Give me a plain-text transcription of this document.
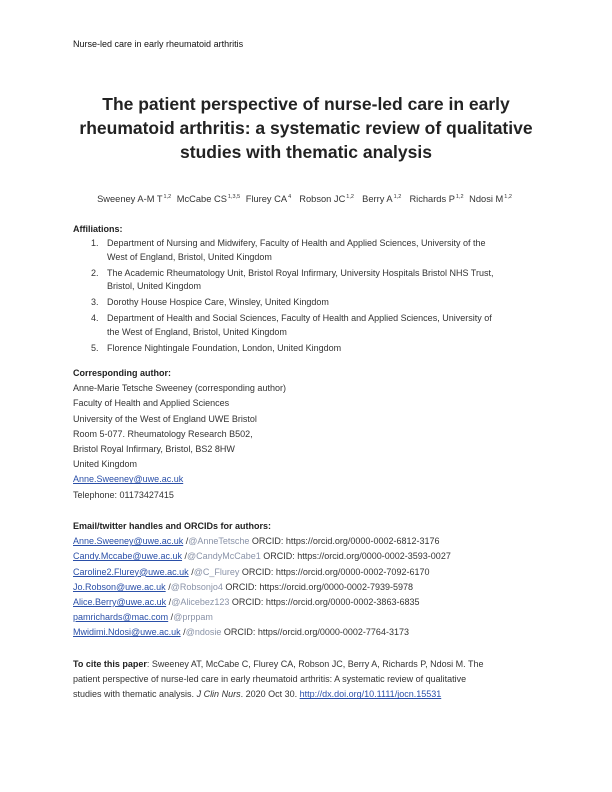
Nurse-led care in early rheumatoid arthritis
The patient perspective of nurse-led care in early
rheumatoid arthritis: a systematic review of qualitative
studies with thematic analysis
Sweeney A-M T$^{1,2}$ McCabe CS$^{1,3,5}$ Flurey $CA^4$ Robson JC$^{1,2}$ Berry A$^{1,2}$ Richards P$^{1,2}$ Ndosi M$^{1,2}$
Affiliations:
1. Department of Nursing and Midwifery, Faculty of Health and Applied Sciences, University of the
West of England, Bristol, United Kingdom
2. The Academic Rheumatology Unit, Bristol Royal Infirmary, University Hospitals Bristol NHS Trust,
Bristol, United Kingdom
3. Dorothy House Hospice Care, Winsley, United Kingdom
4. Department of Health and Social Sciences, Faculty of Health and Applied Sciences, University of
the West of England, Bristol, United Kingdom
5. Florence Nightingale Foundation, London, United Kingdom
Corresponding author:
Anne-Marie Tetsche Sweeney (corresponding author)
Faculty of Health and Applied Sciences
University of the West of England UWE Bristol
Room 5-077. Rheumatology Research B502,
Bristol Royal Infirmary, Bristol, BS2 8HW
United Kingdom
Anne.Sweeney@uwe.ac.uk
Telephone: 01173427415
Email/twitter handles and ORCIDs for authors:
Anne.Sweeney@uwe.ac.uk /@AnneTetsche ORCID: https://orcid.org/0000-0002-6812-3176
Candy.Mccabe@uwe.ac.uk /@CandyMcCabe1 ORCID: https://orcid.org/0000-0002-3593-0027
Caroline2.Flurey@uwe.ac.uk /@C_Flurey ORCID: https://orcid.org/0000-0002-7092-6170
Jo.Robson@uwe.ac.uk /@Robsonjo4 ORCID: https://orcid.org/0000-0002-7939-5978
Alice.Berry@uwe.ac.uk /@Alicebez123 ORCID: https://orcid.org/0000-0002-3863-6835
pamrichards@mac.com /@prppam
Mwidimi.Ndosi@uwe.ac.uk /@ndosie ORCID: https//orcid.org/0000-0002-7764-3173
To cite this paper: Sweeney AT, McCabe C, Flurey CA, Robson JC, Berry A, Richards P, Ndosi M. The
patient perspective of nurse-led care in early rheumatoid arthritis: A systematic review of qualitative
studies with thematic analysis. J Clin Nurs. 2020 Oct 30. http://dx.doi.org/10.1111/jocn.15531
